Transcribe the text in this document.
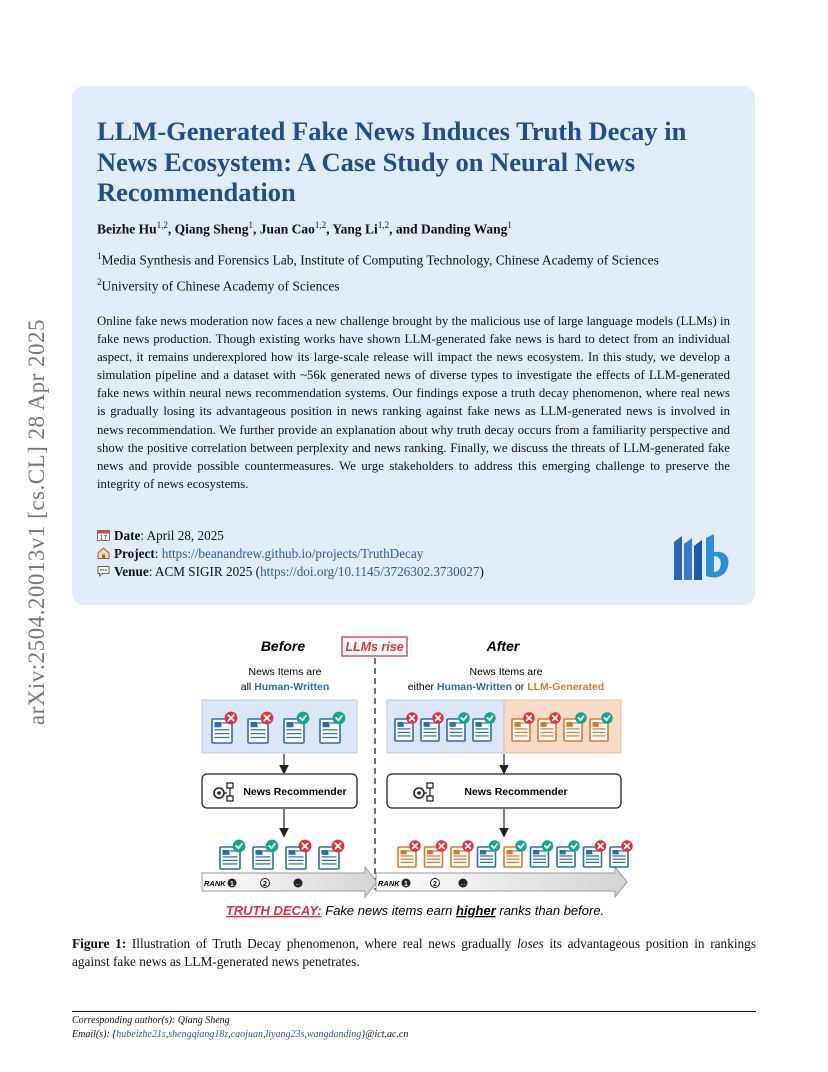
arXiv:2504.20013v1 [cs.CL] 28 Apr 2025
LLM-Generated Fake News Induces Truth Decay in News Ecosystem: A Case Study on Neural News Recommendation
Beizhe Hu$^{1,2}$, Qiang Sheng$^1$, Juan Cao$^{1,2}$, Yang Li$^{1,2}$, and Danding Wang$^1$
$^1$Media Synthesis and Forensics Lab, Institute of Computing Technology, Chinese Academy of Sciences
$^2$University of Chinese Academy of Sciences

Online fake news moderation now faces a new challenge brought by the malicious use of large language models (LLMs) in fake news production. Though existing works have shown LLM-generated fake news is hard to detect from an individual aspect, it remains underexplored how its large-scale release will impact the news ecosystem. In this study, we develop a simulation pipeline and a dataset with ~56k generated news of diverse types to investigate the effects of LLM-generated fake news within neural news recommendation systems. Our findings expose a truth decay phenomenon, where real news is gradually losing its advantageous position in news ranking against fake news as LLM-generated news is involved in news recommendation. We further provide an explanation about why truth decay occurs from a familiarity perspective and show the positive correlation between perplexity and news ranking. Finally, we discuss the threats of LLM-generated fake news and provide possible countermeasures. We urge stakeholders to address this emerging challenge to preserve the integrity of news ecosystems.

17 Date: April 28, 2025
Project: https://beanandrew.github.io/projects/TruthDecay
Venue: ACM SIGIR 2025 (https://doi.org/10.1145/3726302.3730027)
Before	LLMs rise	After
News Items are
all Human-Written
News Items are
either Human-Written or LLM-Generated
News Recommender	News Recommender
RANK	RANK
1	2	...	1	2	...
TRUTH DECAY: Fake news items earn higher ranks than before.

Figure 1: Illustration of Truth Decay phenomenon, where real news gradually loses its advantageous position in rankings against fake news as LLM-generated news penetrates.

Corresponding author(s): Qiang Sheng
Email(s): {hubeizhe21s,shengqiang18z,caojuan,liyang23s,wangdanding}@ict.ac.cn
